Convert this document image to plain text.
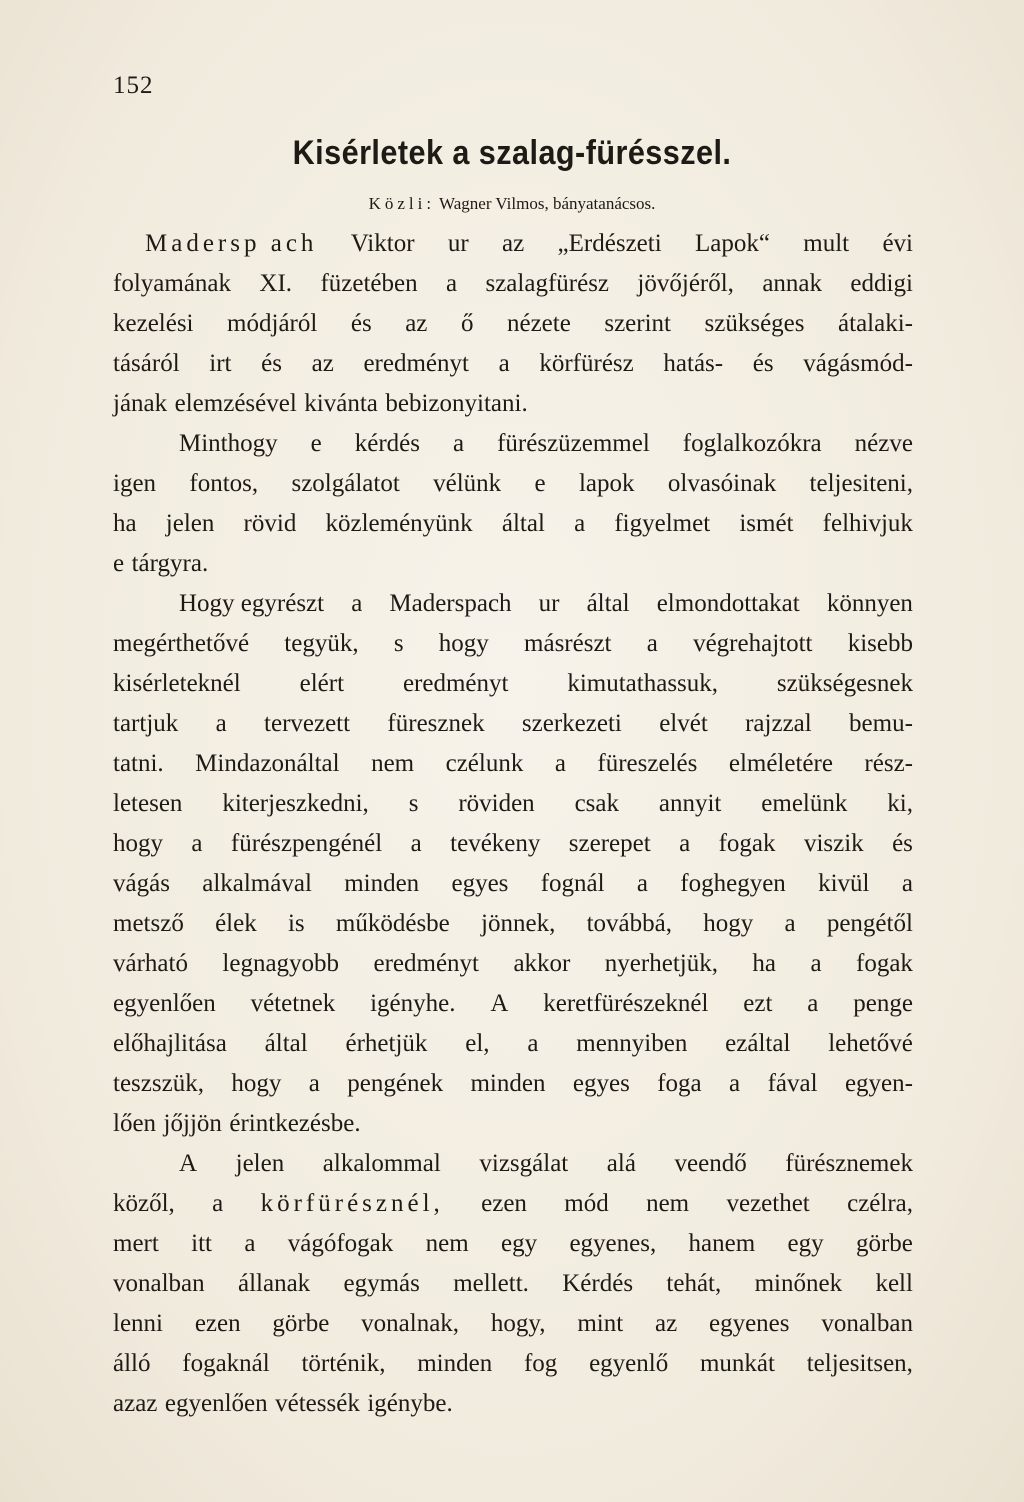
152
Kisérletek a szalag-fürésszel.
Közli: Wagner Vilmos, bányatanácsos.
Madersp ach Viktor ur az „Erdészeti Lapok“ mult évi
folyamának XI. füzetében a szalagfürész jövőjéről, annak eddigi
kezelési módjáról és az ő nézete szerint szükséges átalaki-
tásáról irt és az eredményt a körfürész hatás- és vágásmód-
jának elemzésével kivánta bebizonyitani.
Minthogy e kérdés a fürészüzemmel foglalkozókra nézve
igen fontos, szolgálatot vélünk e lapok olvasóinak teljesiteni,
ha jelen rövid közleményünk által a figyelmet ismét felhivjuk
e tárgyra.
Hogy egyrészt a Maderspach ur által elmondottakat könnyen
megérthetővé tegyük, s hogy másrészt a végrehajtott kisebb
kisérleteknél elért eredményt kimutathassuk, szükségesnek
tartjuk a tervezett füresznek szerkezeti elvét rajzzal bemu-
tatni. Mindazonáltal nem czélunk a füreszelés elméletére rész-
letesen kiterjeszkedni, s röviden csak annyit emelünk ki,
hogy a fürészpengénél a tevékeny szerepet a fogak viszik és
vágás alkalmával minden egyes fognál a foghegyen kivül a
metsző élek is működésbe jönnek, továbbá, hogy a pengétől
várható legnagyobb eredményt akkor nyerhetjük, ha a fogak
egyenlően vétetnek igényhe. A keretfürészeknél ezt a penge
előhajlitása által érhetjük el, a mennyiben ezáltal lehetővé
teszszük, hogy a pengének minden egyes foga a fával egyen-
lően jőjjön érintkezésbe.
A jelen alkalommal vizsgálat alá veendő fürésznemek
közől, a körfürésznél, ezen mód nem vezethet czélra,
mert itt a vágófogak nem egy egyenes, hanem egy görbe
vonalban állanak egymás mellett. Kérdés tehát, minőnek kell
lenni ezen görbe vonalnak, hogy, mint az egyenes vonalban
álló fogaknál történik, minden fog egyenlő munkát teljesitsen,
azaz egyenlően vétessék igénybe.
